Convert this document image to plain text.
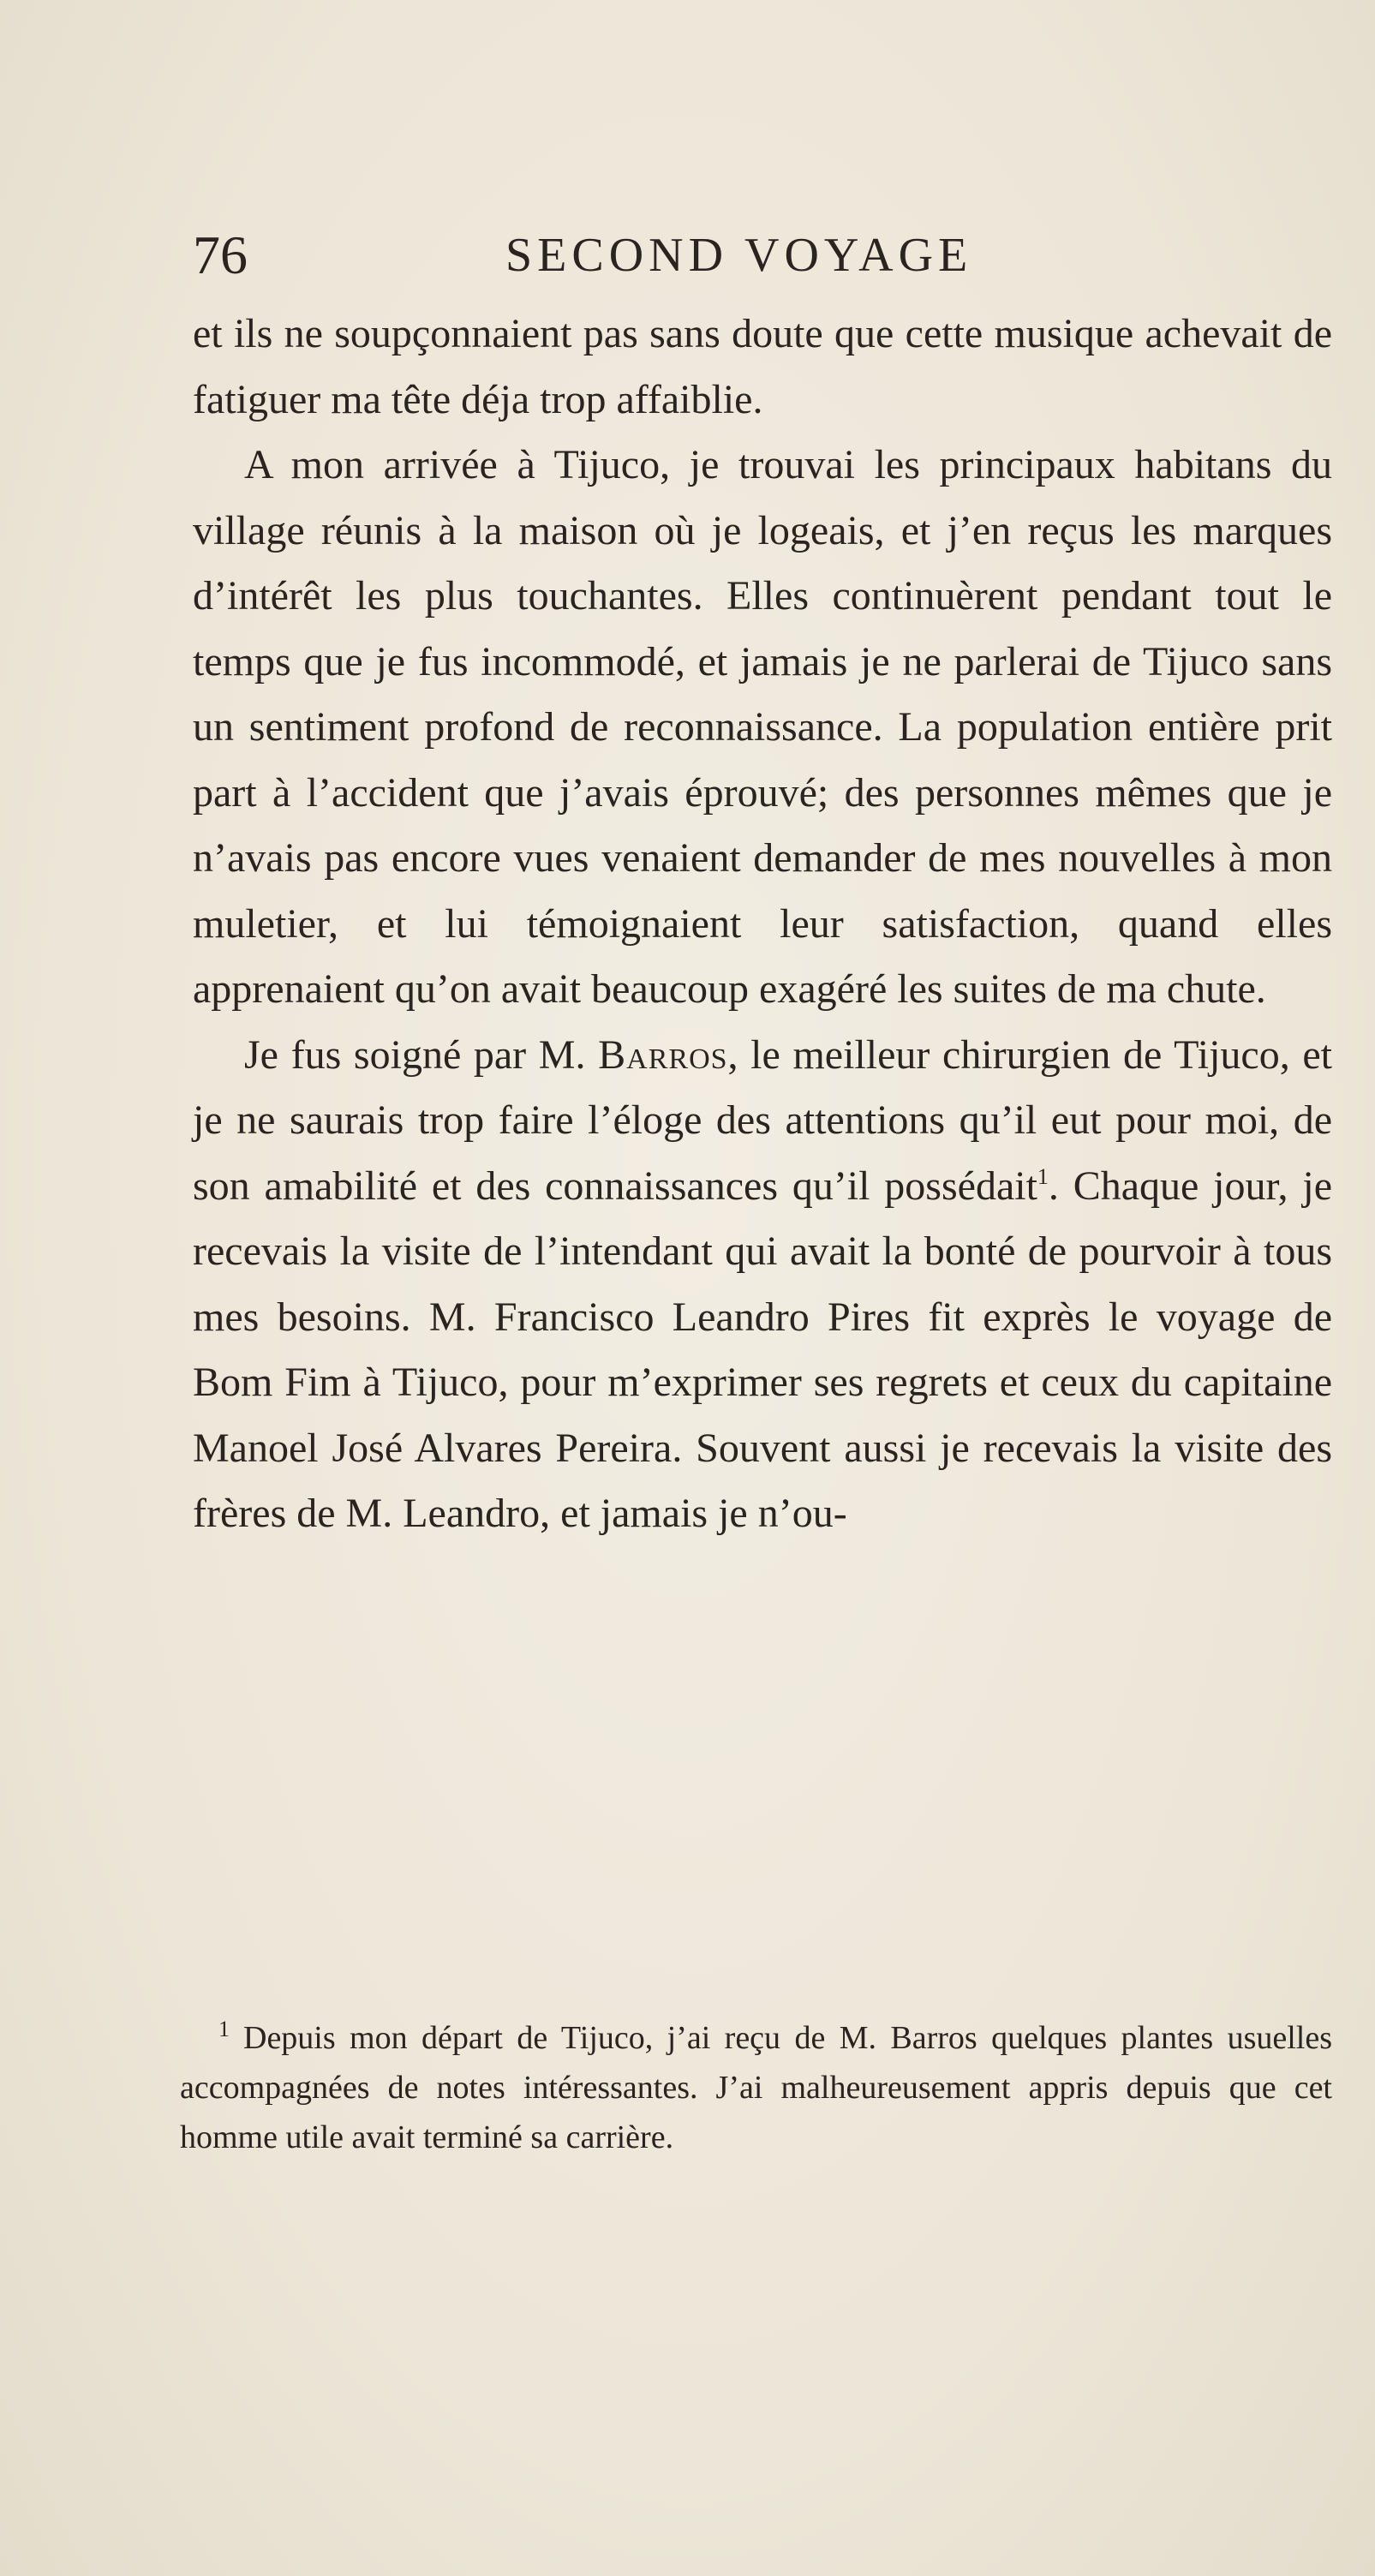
76	SECOND VOYAGE

et ils ne soupçonnaient pas sans doute que cette musique achevait de fatiguer ma tête déja trop affaiblie.

A mon arrivée à Tijuco, je trouvai les principaux habitans du village réunis à la maison où je logeais, et j’en reçus les marques d’intérêt les plus touchantes. Elles continuèrent pendant tout le temps que je fus incommodé, et jamais je ne parlerai de Tijuco sans un sentiment profond de reconnaissance. La population entière prit part à l’accident que j’avais éprouvé; des personnes mêmes que je n’avais pas encore vues venaient demander de mes nouvelles à mon muletier, et lui témoignaient leur satisfaction, quand elles apprenaient qu’on avait beaucoup exagéré les suites de ma chute.

Je fus soigné par M. Barros, le meilleur chirurgien de Tijuco, et je ne saurais trop faire l’éloge des attentions qu’il eut pour moi, de son amabilité et des connaissances qu’il possédait$^1$. Chaque jour, je recevais la visite de l’intendant qui avait la bonté de pourvoir à tous mes besoins. M. Francisco Leandro Pires fit exprès le voyage de Bom Fim à Tijuco, pour m’exprimer ses regrets et ceux du capitaine Manoel José Alvares Pereira. Souvent aussi je recevais la visite des frères de M. Leandro, et jamais je n’ou-

$^1$ Depuis mon départ de Tijuco, j’ai reçu de M. Barros quelques plantes usuelles accompagnées de notes intéressantes. J’ai malheureusement appris depuis que cet homme utile avait terminé sa carrière.
